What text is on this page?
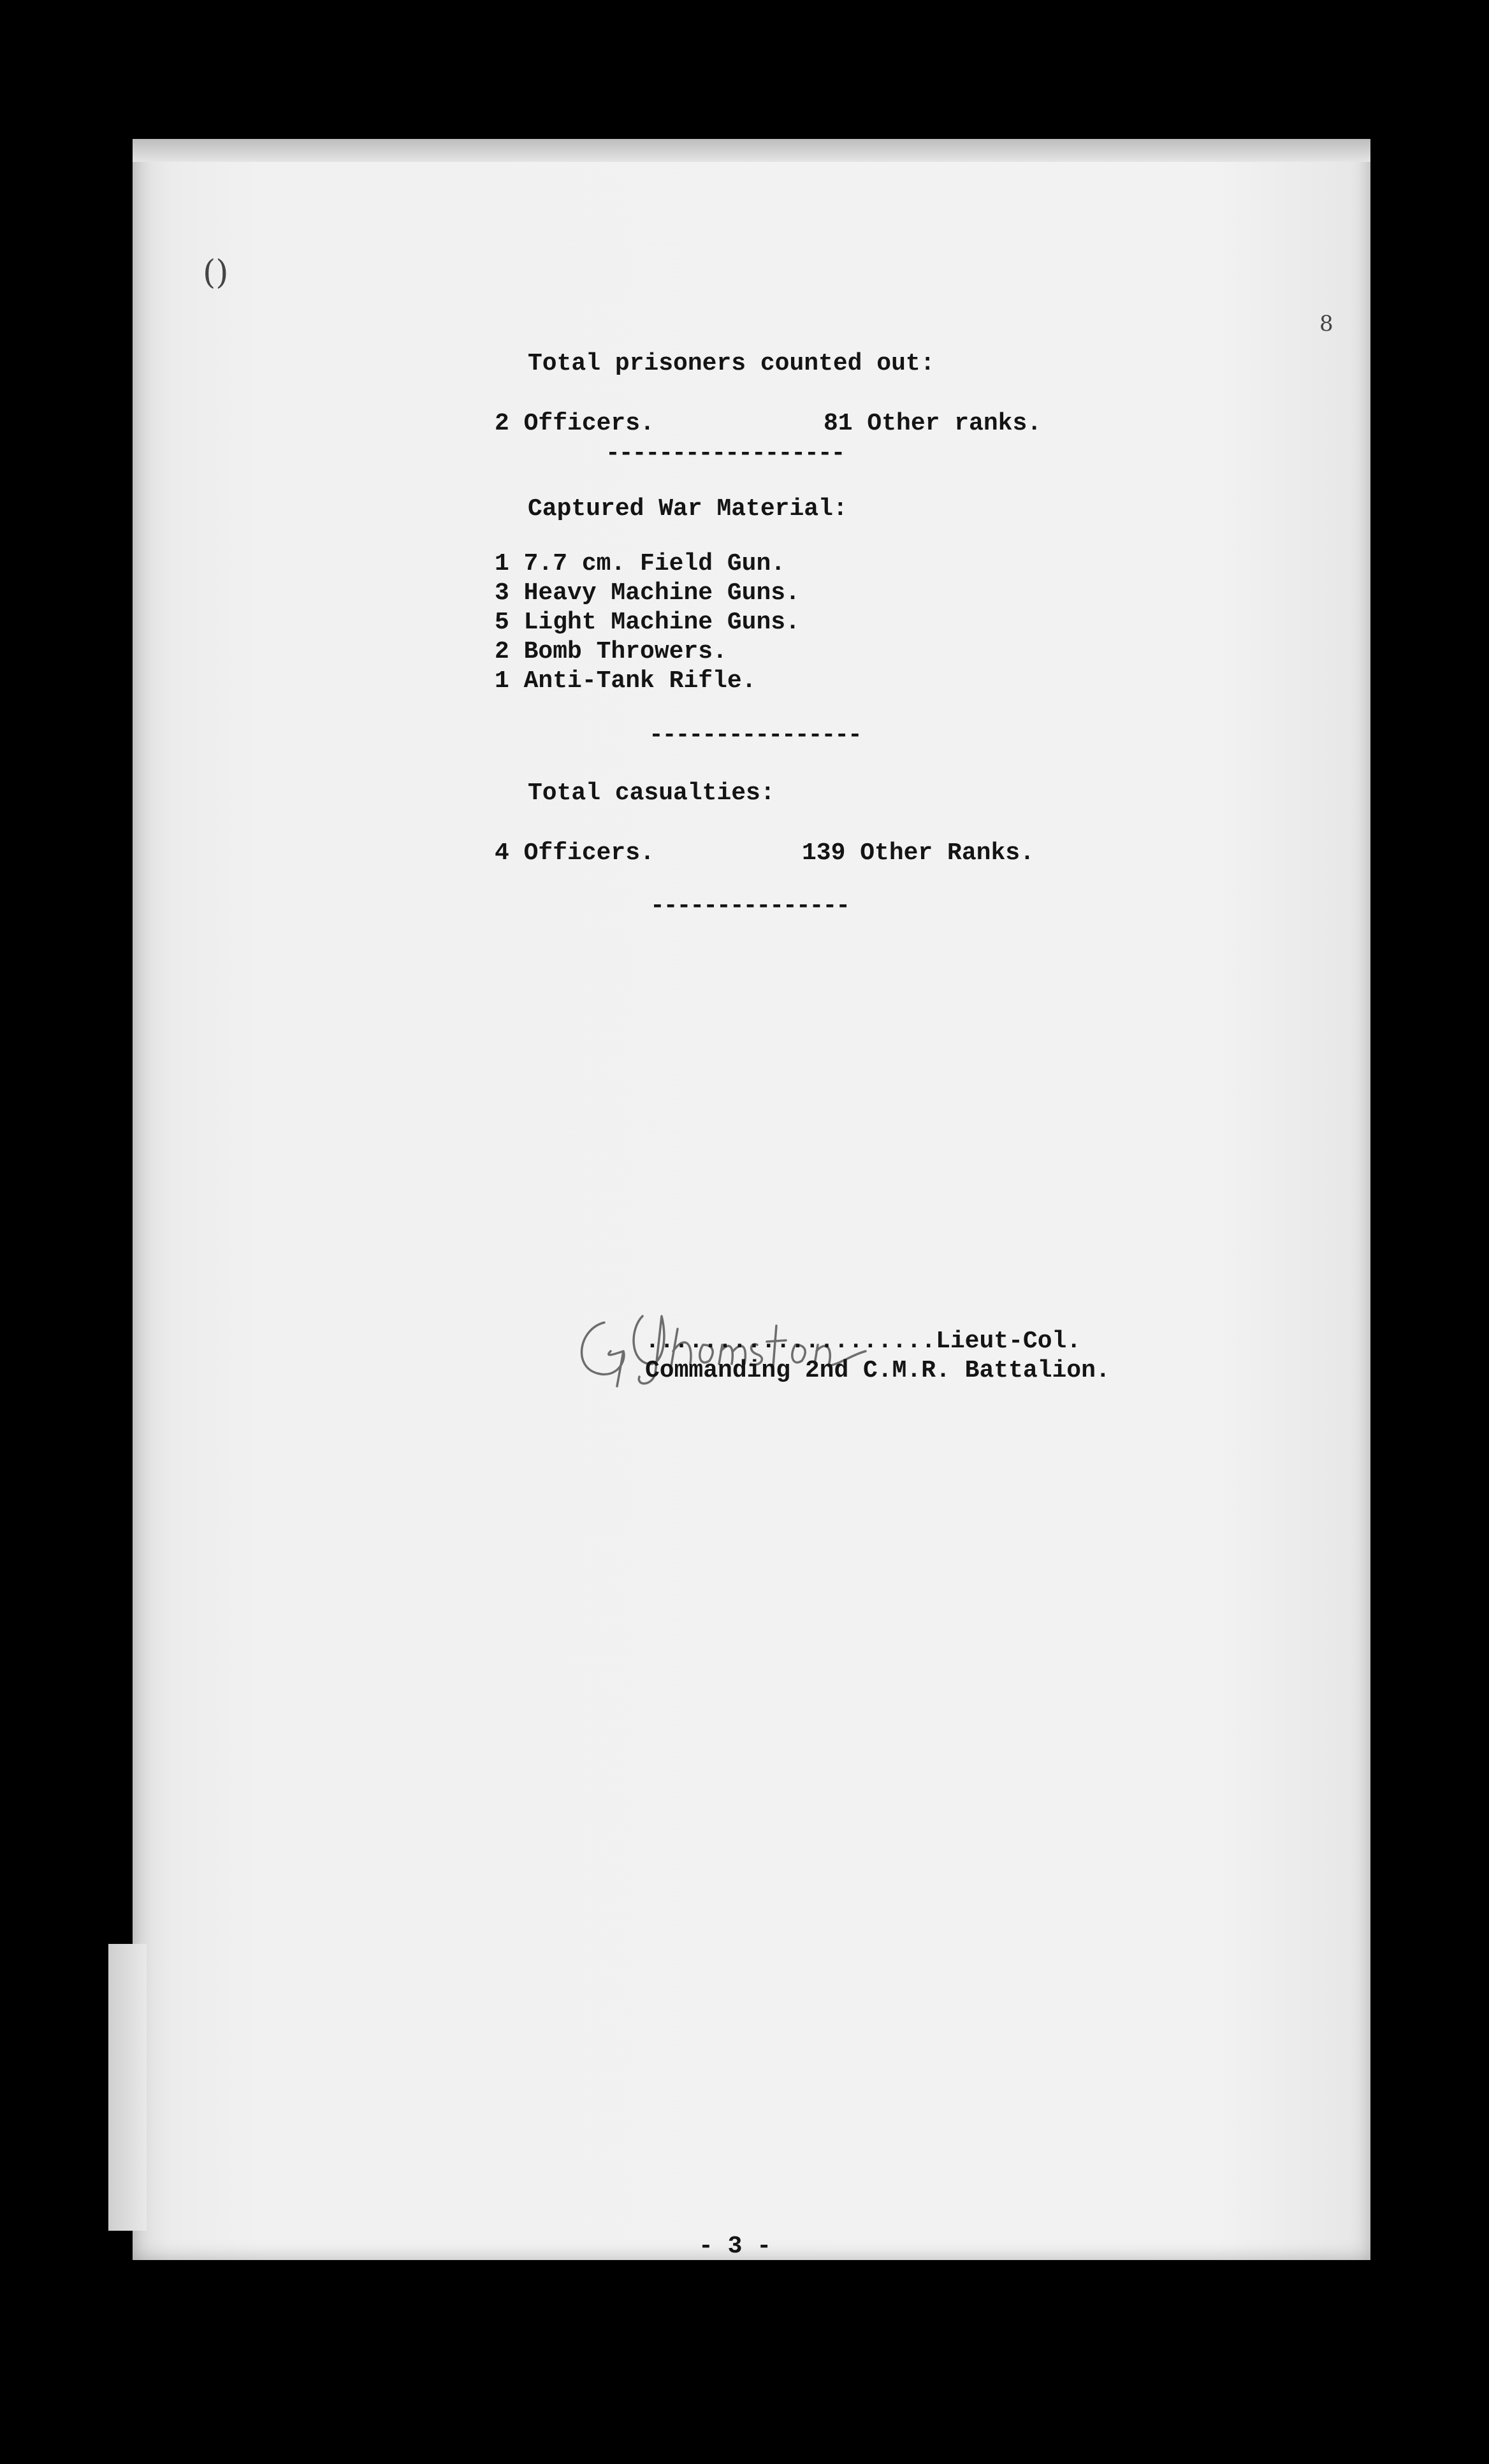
()
8
Total prisoners counted out:
2 Officers.	81 Other ranks.
------------------
Captured War Material:
1 7.7 cm. Field Gun.
3 Heavy Machine Guns.
5 Light Machine Guns.
2 Bomb Throwers.
1 Anti-Tank Rifle.
----------------
Total casualties:
4 Officers.	139 Other Ranks.
---------------
....................Lieut-Col.
Commanding 2nd C.M.R. Battalion.
- 3 -
